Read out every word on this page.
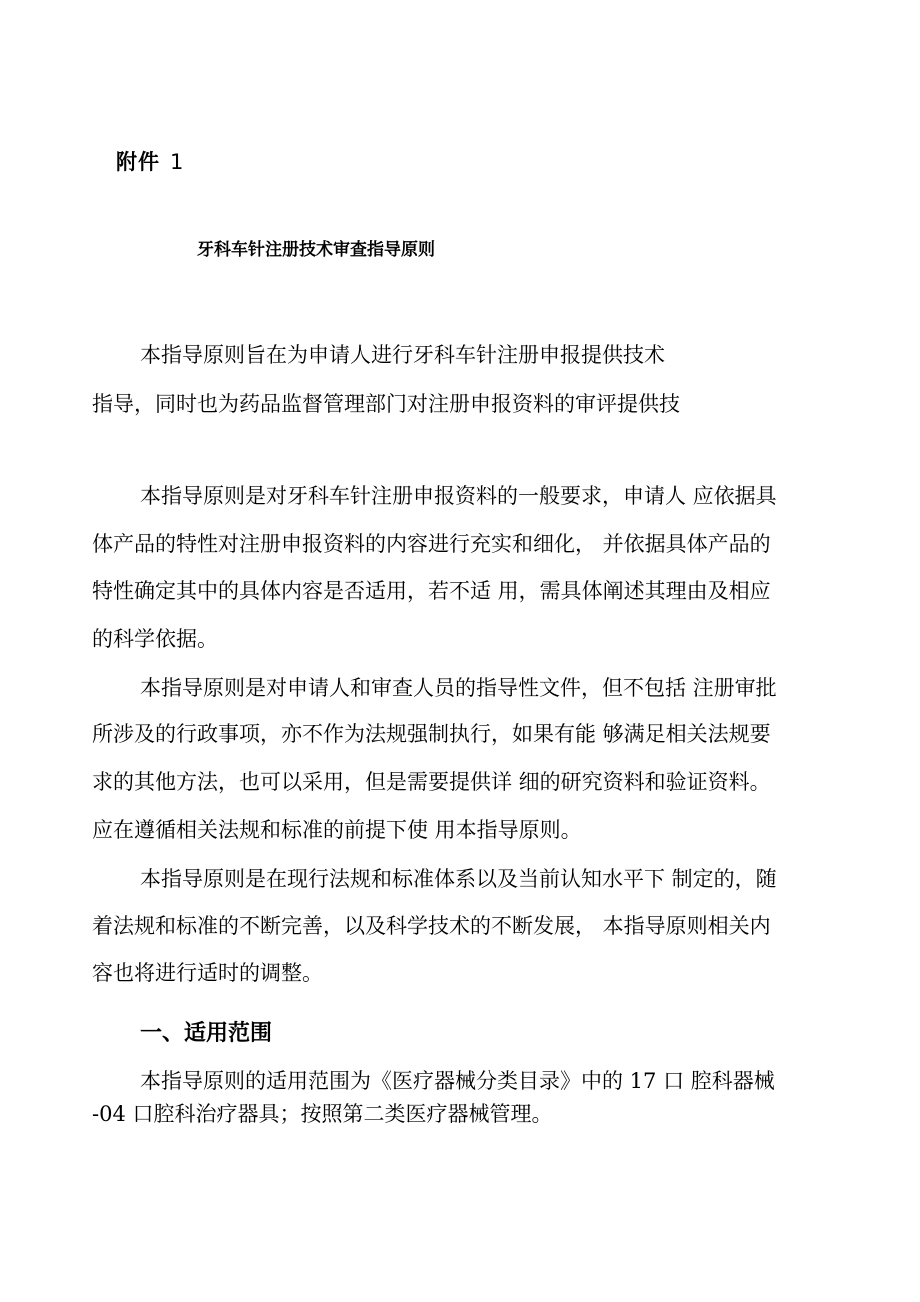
附件 1
牙科车针注册技术审查指导原则
本指导原则旨在为申请人进行牙科车针注册申报提供技术
指导，同时也为药品监督管理部门对注册申报资料的审评提供技
本指导原则是对牙科车针注册申报资料的一般要求，申请人 应依据具
体产品的特性对注册申报资料的内容进行充实和细化， 并依据具体产品的
特性确定其中的具体内容是否适用，若不适 用，需具体阐述其理由及相应
的科学依据。
本指导原则是对申请人和审查人员的指导性文件，但不包括 注册审批
所涉及的行政事项，亦不作为法规强制执行，如果有能 够满足相关法规要
求的其他方法，也可以采用，但是需要提供详 细的研究资料和验证资料。
应在遵循相关法规和标准的前提下使 用本指导原则。
本指导原则是在现行法规和标准体系以及当前认知水平下 制定的，随
着法规和标准的不断完善，以及科学技术的不断发展， 本指导原则相关内
容也将进行适时的调整。
一、适用范围
本指导原则的适用范围为《医疗器械分类目录》中的 17 口 腔科器械
-04 口腔科治疗器具；按照第二类医疗器械管理。
